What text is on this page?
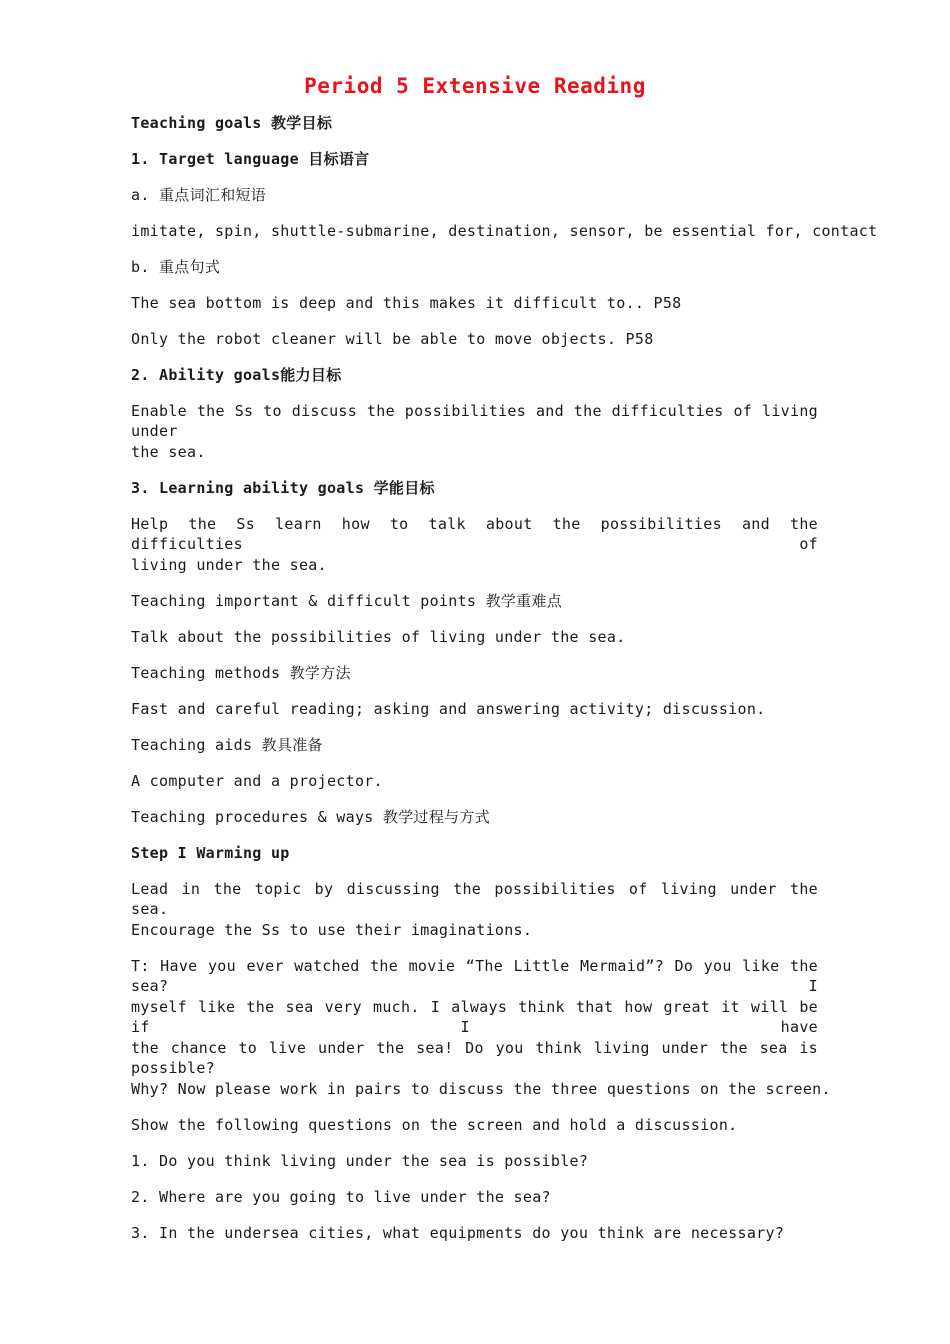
Period 5 Extensive Reading
Teaching goals 教学目标
1. Target language 目标语言
a. 重点词汇和短语
imitate, spin, shuttle-submarine, destination, sensor, be essential for, contact
b. 重点句式
The sea bottom is deep and this makes it difficult to.. P58
Only the robot cleaner will be able to move objects. P58
2. Ability goals能力目标
Enable the Ss to discuss the possibilities and the difficulties of living under
the sea.
3. Learning ability goals 学能目标
Help the Ss learn how to talk about the possibilities and the difficulties of
living under the sea.
Teaching important & difficult points 教学重难点
Talk about the possibilities of living under the sea.
Teaching methods 教学方法
Fast and careful reading; asking and answering activity; discussion.
Teaching aids 教具准备
A computer and a projector.
Teaching procedures & ways 教学过程与方式
Step I Warming up
Lead in the topic by discussing the possibilities of living under the sea.
Encourage the Ss to use their imaginations.
T: Have you ever watched the movie “The Little Mermaid”? Do you like the sea? I
myself like the sea very much. I always think that how great it will be if I have
the chance to live under the sea! Do you think living under the sea is possible?
Why? Now please work in pairs to discuss the three questions on the screen.
Show the following questions on the screen and hold a discussion.
1. Do you think living under the sea is possible?
2. Where are you going to live under the sea?
3. In the undersea cities, what equipments do you think are necessary?
